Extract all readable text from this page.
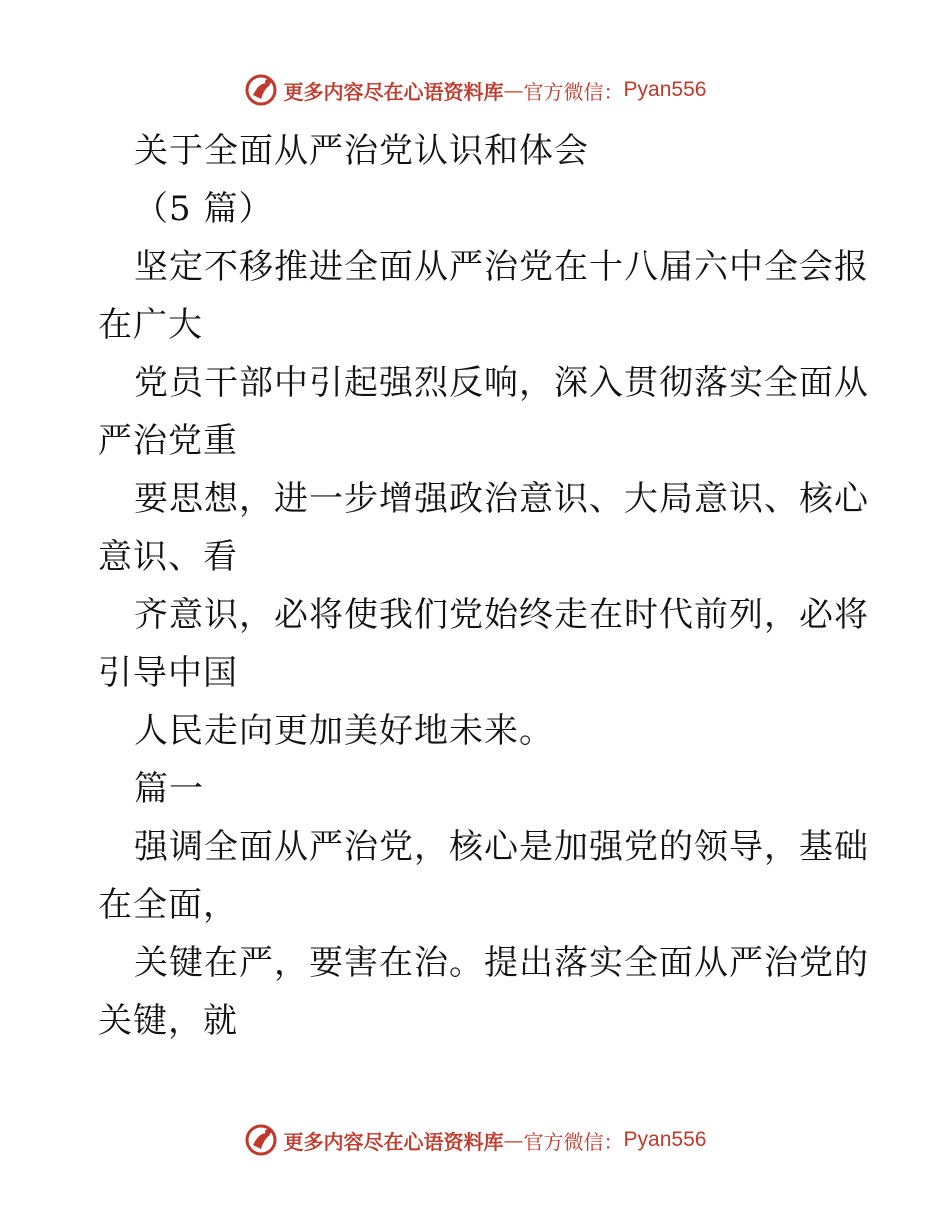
更多内容尽在心语资料库 — 官方微信： Pyan556
关于全面从严治党认识和体会
（5 篇）
坚定不移推进全面从严治党在十八届六中全会报
在广大
党员干部中引起强烈反响，深入贯彻落实全面从
严治党重
要思想，进一步增强政治意识、大局意识、核心
意识、看
齐意识，必将使我们党始终走在时代前列，必将
引导中国
人民走向更加美好地未来。
篇一
强调全面从严治党，核心是加强党的领导，基础
在全面，
关键在严，要害在治。提出落实全面从严治党的
关键，就
更多内容尽在心语资料库 — 官方微信： Pyan556
